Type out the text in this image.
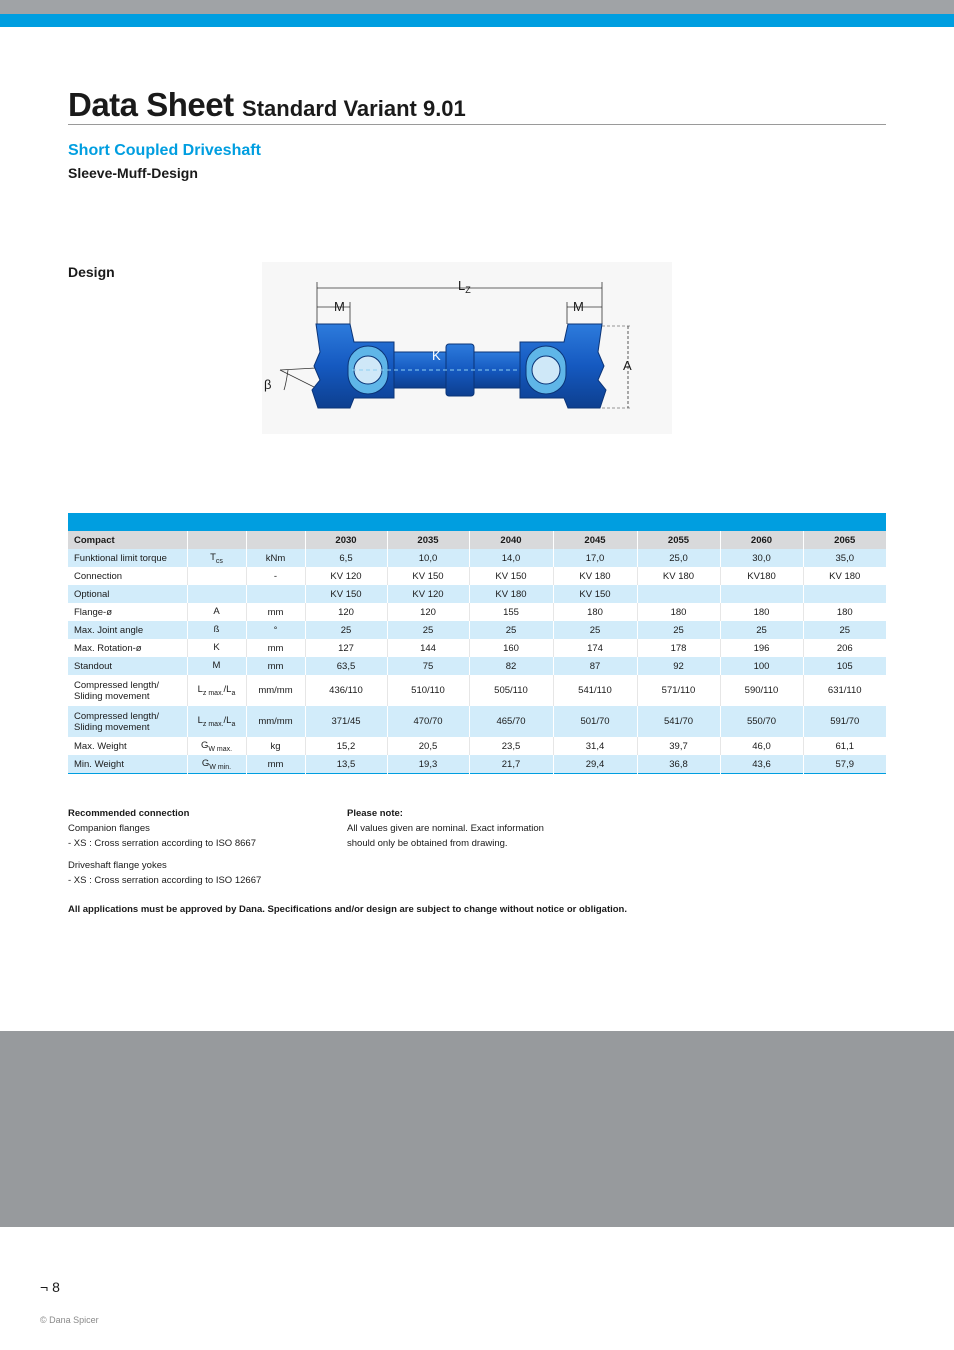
Data Sheet Standard Variant 9.01
Short Coupled Driveshaft
Sleeve-Muff-Design
Design
$L_Z$
M	M
A
β
K
Compact			2030	2035	2040	2045	2055	2060	2065
Funktional limit torque	$T_{cs}$	kNm	6,5	10,0	14,0	17,0	25,0	30,0	35,0
Connection		-	KV 120	KV 150	KV 150	KV 180	KV 180	KV180	KV 180
Optional			KV 150	KV 120	KV 180	KV 150			
Flange-ø	A	mm	120	120	155	180	180	180	180
Max. Joint angle	ß	°	25	25	25	25	25	25	25
Max. Rotation-ø	K	mm	127	144	160	174	178	196	206
Standout	M	mm	63,5	75	82	87	92	100	105
Compressed length/
Sliding movement	$L_{z max.}/L_a$	mm/mm	436/110	510/110	505/110	541/110	571/110	590/110	631/110
Compressed length/
Sliding movement	$L_{z max.}/L_a$	mm/mm	371/45	470/70	465/70	501/70	541/70	550/70	591/70
Max. Weight	$G_{W max.}$	kg	15,2	20,5	23,5	31,4	39,7	46,0	61,1
Min. Weight	$G_{W min.}$	mm	13,5	19,3	21,7	29,4	36,8	43,6	57,9
Recommended connection
Companion flanges
- XS : Cross serration according to ISO 8667
Driveshaft flange yokes
- XS : Cross serration according to ISO 12667
Please note:
All values given are nominal. Exact information
should only be obtained from drawing.
All applications must be approved by Dana. Specifications and/or design are subject to change without notice or obligation.
¬ 8
© Dana Spicer
